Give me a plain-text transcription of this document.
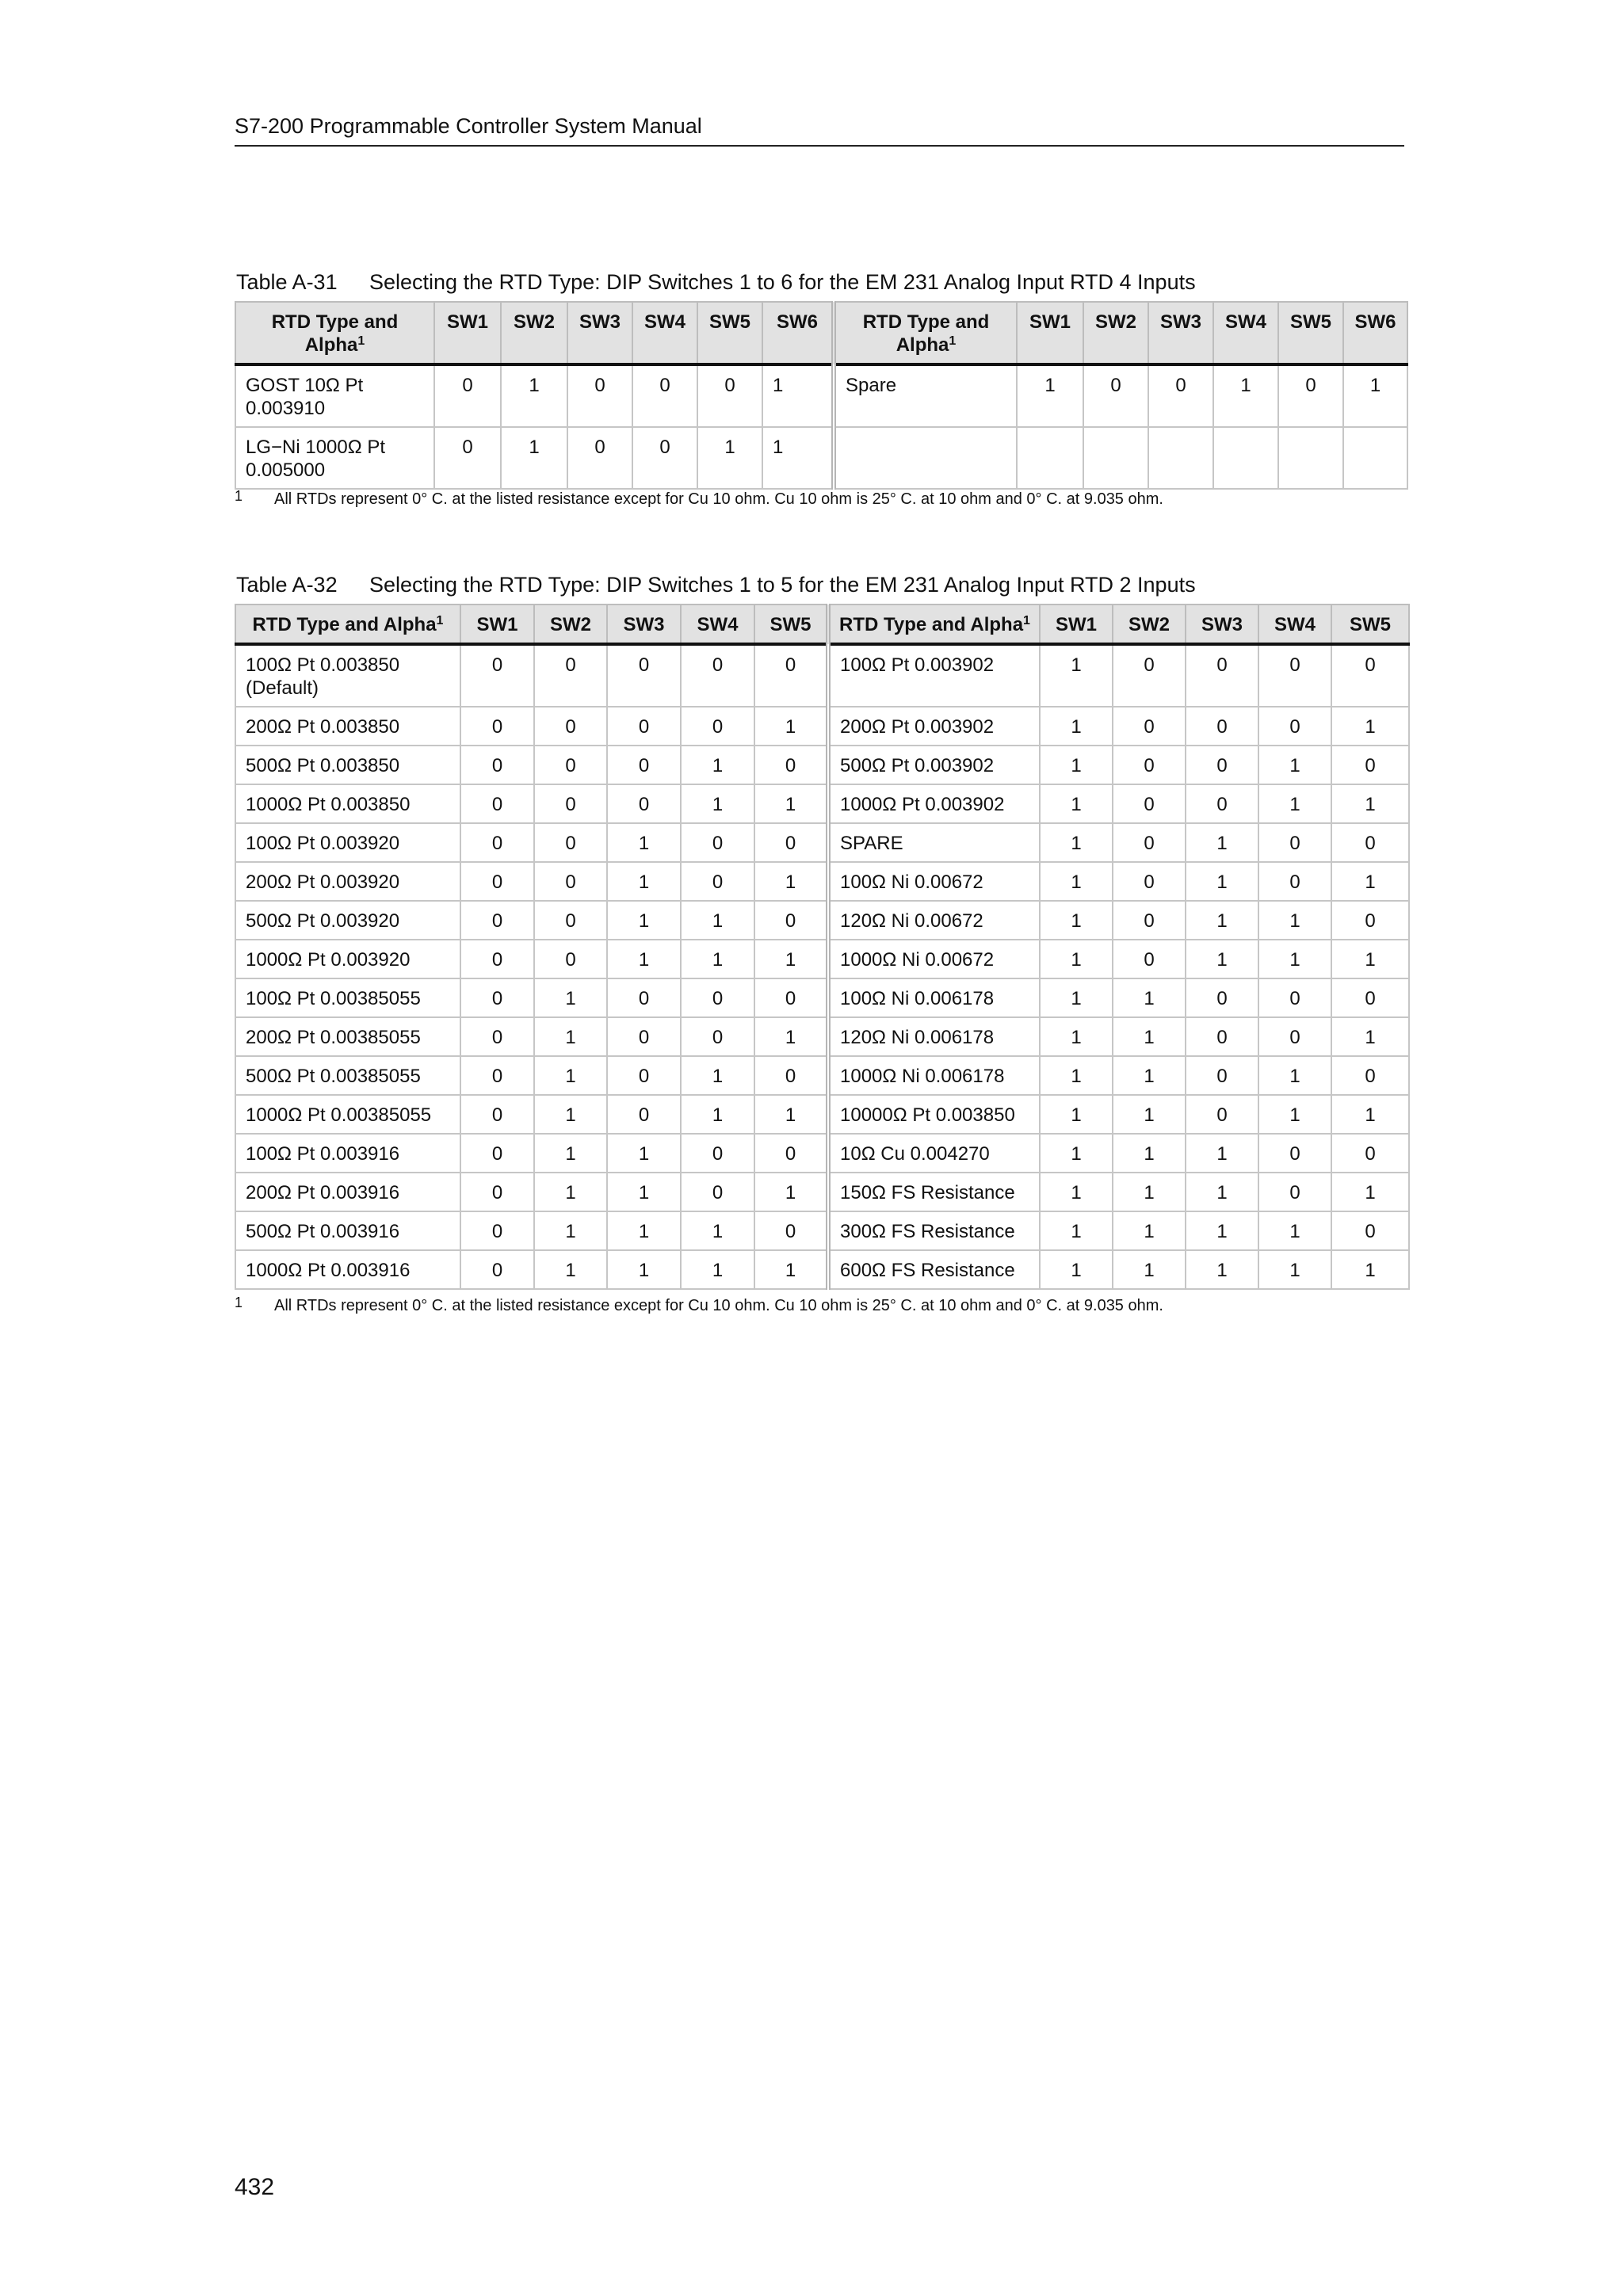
S7-200 Programmable Controller System Manual
Table A-31 Selecting the RTD Type: DIP Switches 1 to 6 for the EM 231 Analog Input RTD 4 Inputs
RTD Type and Alpha$^1$	SW1	SW2	SW3	SW4	SW5	SW6	RTD Type and Alpha$^1$	SW1	SW2	SW3	SW4	SW5	SW6
GOST 10Ω Pt 0.003910	0	1	0	0	0	1	Spare	1	0	0	1	0	1
LG−Ni 1000Ω Pt 0.005000	0	1	0	0	1	1							
1 All RTDs represent 0° C. at the listed resistance except for Cu 10 ohm. Cu 10 ohm is 25° C. at 10 ohm and 0° C. at 9.035 ohm.
Table A-32 Selecting the RTD Type: DIP Switches 1 to 5 for the EM 231 Analog Input RTD 2 Inputs
RTD Type and Alpha$^1$	SW1	SW2	SW3	SW4	SW5	RTD Type and Alpha$^1$	SW1	SW2	SW3	SW4	SW5
100Ω Pt 0.003850 (Default)	0	0	0	0	0	100Ω Pt 0.003902	1	0	0	0	0
200Ω Pt 0.003850	0	0	0	0	1	200Ω Pt 0.003902	1	0	0	0	1
500Ω Pt 0.003850	0	0	0	1	0	500Ω Pt 0.003902	1	0	0	1	0
1000Ω Pt 0.003850	0	0	0	1	1	1000Ω Pt 0.003902	1	0	0	1	1
100Ω Pt 0.003920	0	0	1	0	0	SPARE	1	0	1	0	0
200Ω Pt 0.003920	0	0	1	0	1	100Ω Ni 0.00672	1	0	1	0	1
500Ω Pt 0.003920	0	0	1	1	0	120Ω Ni 0.00672	1	0	1	1	0
1000Ω Pt 0.003920	0	0	1	1	1	1000Ω Ni 0.00672	1	0	1	1	1
100Ω Pt 0.00385055	0	1	0	0	0	100Ω Ni 0.006178	1	1	0	0	0
200Ω Pt 0.00385055	0	1	0	0	1	120Ω Ni 0.006178	1	1	0	0	1
500Ω Pt 0.00385055	0	1	0	1	0	1000Ω Ni 0.006178	1	1	0	1	0
1000Ω Pt 0.00385055	0	1	0	1	1	10000Ω Pt 0.003850	1	1	0	1	1
100Ω Pt 0.003916	0	1	1	0	0	10Ω Cu 0.004270	1	1	1	0	0
200Ω Pt 0.003916	0	1	1	0	1	150Ω FS Resistance	1	1	1	0	1
500Ω Pt 0.003916	0	1	1	1	0	300Ω FS Resistance	1	1	1	1	0
1000Ω Pt 0.003916	0	1	1	1	1	600Ω FS Resistance	1	1	1	1	1
1 All RTDs represent 0° C. at the listed resistance except for Cu 10 ohm. Cu 10 ohm is 25° C. at 10 ohm and 0° C. at 9.035 ohm.
432
